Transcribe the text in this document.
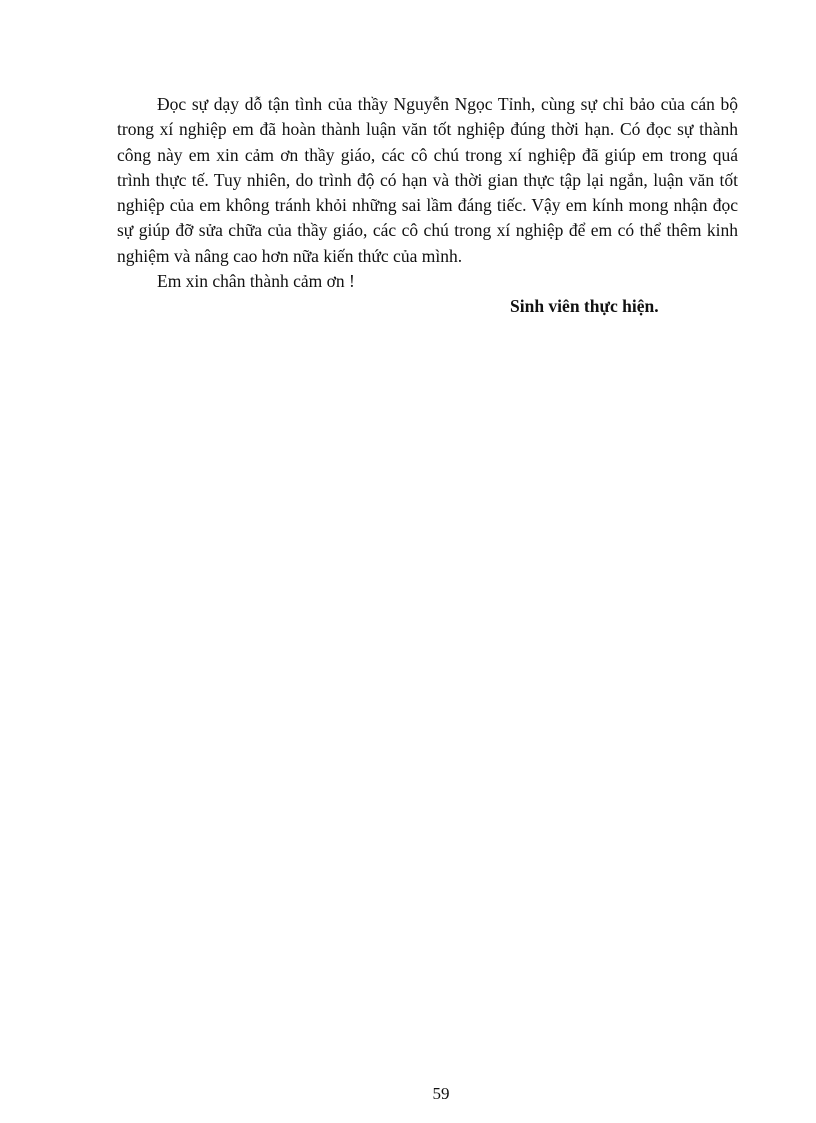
Đọc sự dạy dỗ tận tình của thầy Nguyễn Ngọc Tỉnh, cùng sự chỉ bảo của cán bộ trong xí nghiệp em đã hoàn thành luận văn tốt nghiệp đúng thời hạn. Có đọc sự thành công này em xin cảm ơn thầy giáo, các cô chú trong xí nghiệp đã giúp em trong quá trình thực tế. Tuy nhiên, do trình độ có hạn và thời gian thực tập lại ngắn, luận văn tốt nghiệp của em không tránh khỏi những sai lầm đáng tiếc. Vậy em kính mong nhận đọc sự giúp đỡ sửa chữa của thầy giáo, các cô chú trong xí nghiệp để em có thể thêm kinh nghiệm và nâng cao hơn nữa kiến thức của mình.

Em xin chân thành cảm ơn !

Sinh viên thực hiện.

59
